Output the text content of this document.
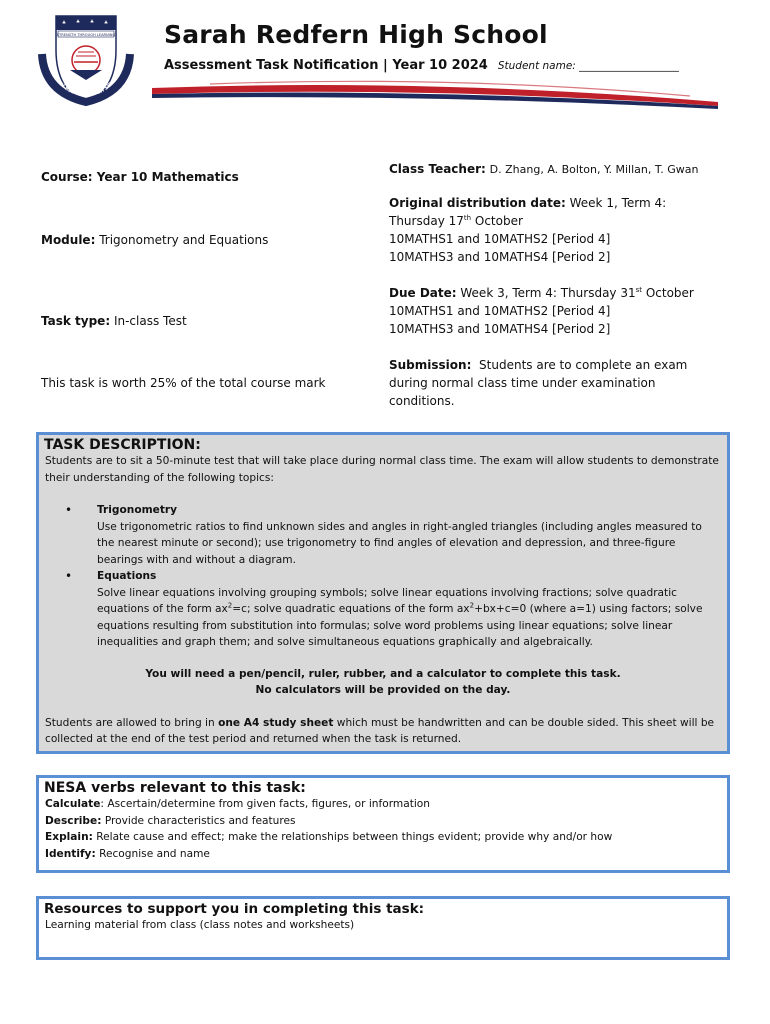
STRENGTH THROUGH LEARNING
SARAH REDFERN HIGH SCHOOL
Sarah Redfern High School
Assessment Task Notification | Year 10 2024 Student name: ___________________
Course: Year 10 Mathematics
Module: Trigonometry and Equations
Task type: In-class Test
This task is worth 25% of the total course mark
Class Teacher: D. Zhang, A. Bolton, Y. Millan, T. Gwan
Original distribution date: Week 1, Term 4:
Thursday 17th October
10MATHS1 and 10MATHS2 [Period 4]
10MATHS3 and 10MATHS4 [Period 2]
Due Date: Week 3, Term 4: Thursday 31st October
10MATHS1 and 10MATHS2 [Period 4]
10MATHS3 and 10MATHS4 [Period 2]
Submission: Students are to complete an exam
during normal class time under examination
conditions.
TASK DESCRIPTION:
Students are to sit a 50-minute test that will take place during normal class time. The exam will allow students to demonstrate their understanding of the following topics:
•	Trigonometry
Use trigonometric ratios to find unknown sides and angles in right-angled triangles (including angles measured to the nearest minute or second); use trigonometry to find angles of elevation and depression, and three-figure bearings with and without a diagram.
•	Equations
Solve linear equations involving grouping symbols; solve linear equations involving fractions; solve quadratic equations of the form $ax^2=c$; solve quadratic equations of the form $ax^2+bx+c=0$ (where a=1) using factors; solve equations resulting from substitution into formulas; solve word problems using linear equations; solve linear inequalities and graph them; and solve simultaneous equations graphically and algebraically.
You will need a pen/pencil, ruler, rubber, and a calculator to complete this task.
No calculators will be provided on the day.
Students are allowed to bring in one A4 study sheet which must be handwritten and can be double sided. This sheet will be collected at the end of the test period and returned when the task is returned.
NESA verbs relevant to this task:
Calculate: Ascertain/determine from given facts, figures, or information
Describe: Provide characteristics and features
Explain: Relate cause and effect; make the relationships between things evident; provide why and/or how
Identify: Recognise and name
Resources to support you in completing this task:
Learning material from class (class notes and worksheets)
